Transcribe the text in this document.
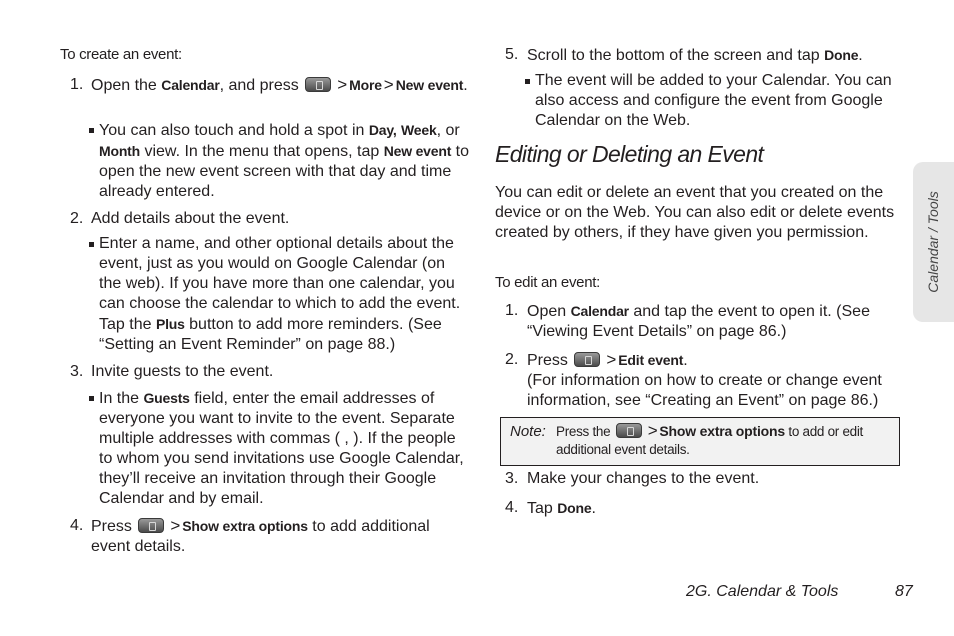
To create an event:
1. Open the Calendar, and press > More > New event.
You can also touch and hold a spot in Day, Week, or Month view. In the menu that opens, tap New event to open the new event screen with that day and time already entered.
2. Add details about the event.
Enter a name, and other optional details about the event, just as you would on Google Calendar (on the web). If you have more than one calendar, you can choose the calendar to which to add the event. Tap the Plus button to add more reminders. (See “Setting an Event Reminder” on page 88.)
3. Invite guests to the event.
In the Guests field, enter the email addresses of everyone you want to invite to the event. Separate multiple addresses with commas ( , ). If the people to whom you send invitations use Google Calendar, they’ll receive an invitation through their Google Calendar and by email.
4. Press > Show extra options to add additional event details.
5. Scroll to the bottom of the screen and tap Done.
The event will be added to your Calendar. You can also access and configure the event from Google Calendar on the Web.
Editing or Deleting an Event
You can edit or delete an event that you created on the device or on the Web. You can also edit or delete events created by others, if they have given you permission.
To edit an event:
1. Open Calendar and tap the event to open it. (See “Viewing Event Details” on page 86.)
2. Press > Edit event.
(For information on how to create or change event information, see “Creating an Event” on page 86.)
Note: Press the > Show extra options to add or edit additional event details.
3. Make your changes to the event.
4. Tap Done.
Calendar / Tools
2G. Calendar & Tools	87
